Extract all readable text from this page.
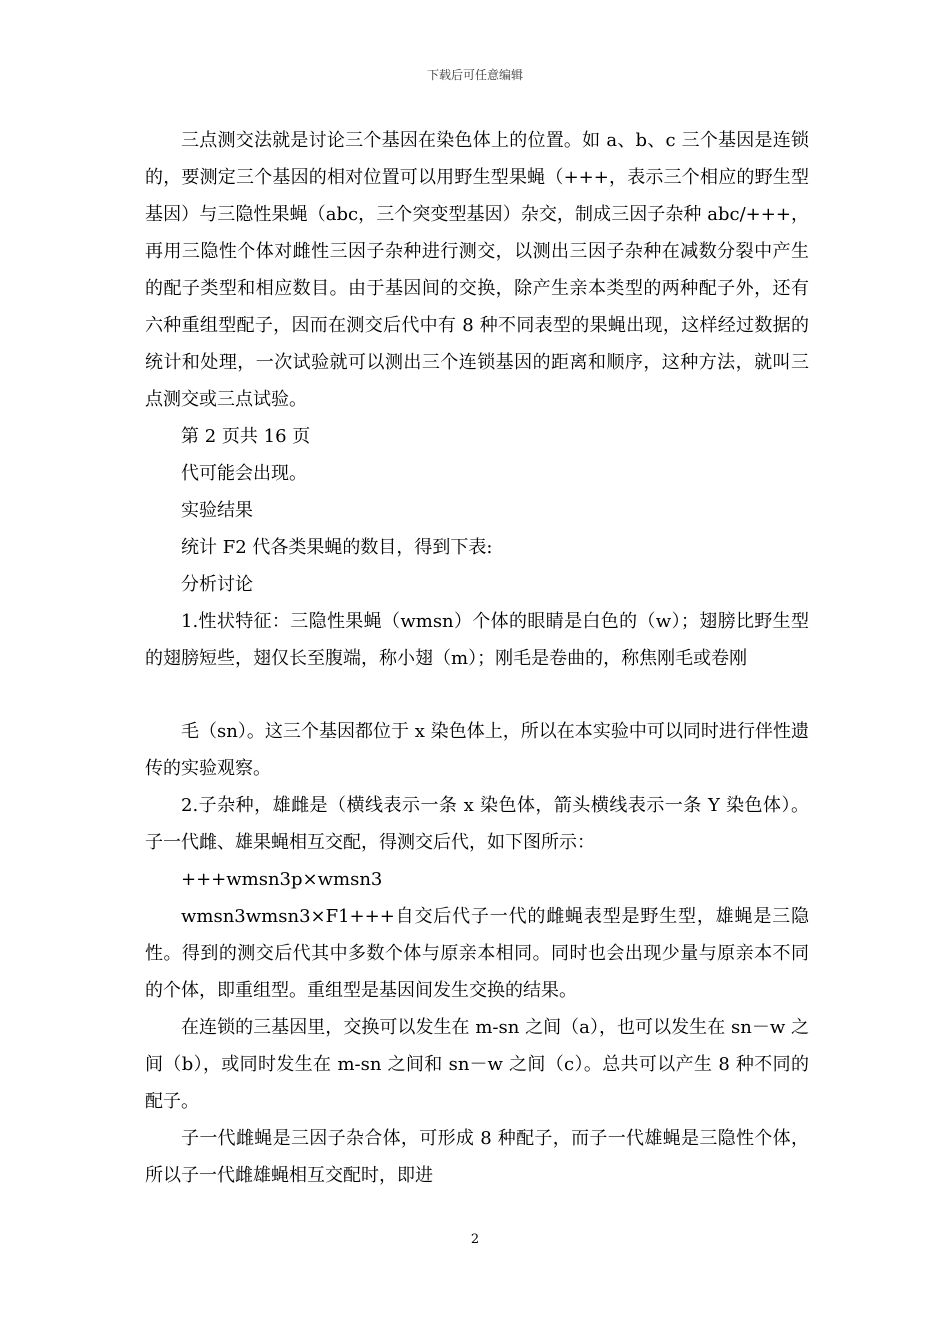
下载后可任意编辑

三点测交法就是讨论三个基因在染色体上的位置。如 a、b、c 三个基因是连锁的，要测定三个基因的相对位置可以用野生型果蝇（+++，表示三个相应的野生型基因）与三隐性果蝇（abc，三个突变型基因）杂交，制成三因子杂种 abc/+++，再用三隐性个体对雌性三因子杂种进行测交，以测出三因子杂种在减数分裂中产生的配子类型和相应数目。由于基因间的交换，除产生亲本类型的两种配子外，还有六种重组型配子，因而在测交后代中有 8 种不同表型的果蝇出现，这样经过数据的统计和处理，一次试验就可以测出三个连锁基因的距离和顺序，这种方法，就叫三点测交或三点试验。

第 2 页共 16 页

代可能会出现。

实验结果

统计 F2 代各类果蝇的数目，得到下表:

分析讨论

1.性状特征：三隐性果蝇（wmsn）个体的眼睛是白色的（w）；翅膀比野生型的翅膀短些，翅仅长至腹端，称小翅（m）；刚毛是卷曲的，称焦刚毛或卷刚

毛（sn）。这三个基因都位于 x 染色体上，所以在本实验中可以同时进行伴性遗传的实验观察。

2.子杂种，雄雌是（横线表示一条 x 染色体，箭头横线表示一条 Y 染色体）。子一代雌、雄果蝇相互交配，得测交后代，如下图所示：

+++wmsn3p×wmsn3

wmsn3wmsn3×F1+++自交后代子一代的雌蝇表型是野生型，雄蝇是三隐性。得到的测交后代其中多数个体与原亲本相同。同时也会出现少量与原亲本不同的个体，即重组型。重组型是基因间发生交换的结果。

在连锁的三基因里，交换可以发生在 m-sn 之间（a），也可以发生在 sn－w 之间（b），或同时发生在 m-sn 之间和 sn－w 之间（c）。总共可以产生 8 种不同的配子。

子一代雌蝇是三因子杂合体，可形成 8 种配子，而子一代雄蝇是三隐性个体，所以子一代雌雄蝇相互交配时，即进

2
